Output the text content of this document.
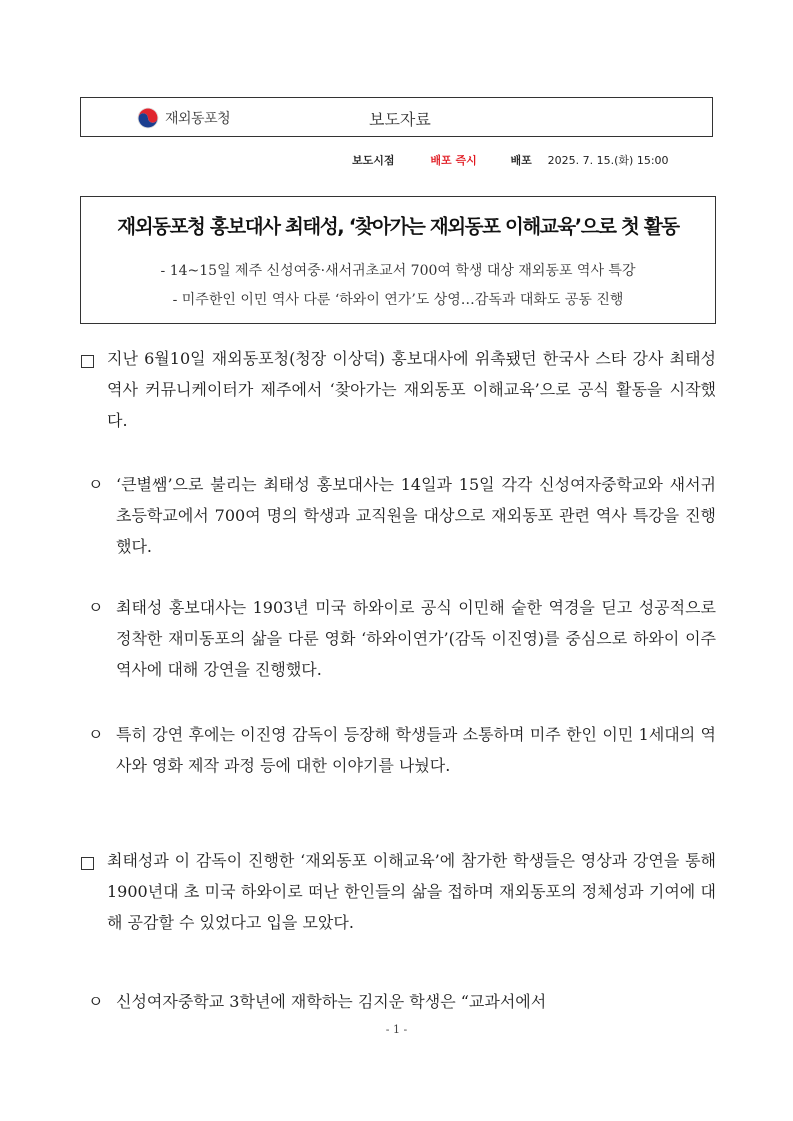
재외동포청	보도자료
보도시점	배포 즉시	배포 2025. 7. 15.(화) 15:00
재외동포청 홍보대사 최태성, ‘찾아가는 재외동포 이해교육’으로 첫 활동
- 14~15일 제주 신성여중·새서귀초교서 700여 학생 대상 재외동포 역사 특강
- 미주한인 이민 역사 다룬 ‘하와이 연가’도 상영…감독과 대화도 공동 진행
지난 6월10일 재외동포청(청장 이상덕) 홍보대사에 위촉됐던 한국사 스타 강사 최태성 역사 커뮤니케이터가 제주에서 ‘찾아가는 재외동포 이해교육’으로 공식 활동을 시작했다.
ㅇ ‘큰별쌤’으로 불리는 최태성 홍보대사는 14일과 15일 각각 신성여자중학교와 새서귀초등학교에서 700여 명의 학생과 교직원을 대상으로 재외동포 관련 역사 특강을 진행했다.
ㅇ 최태성 홍보대사는 1903년 미국 하와이로 공식 이민해 숱한 역경을 딛고 성공적으로 정착한 재미동포의 삶을 다룬 영화 ‘하와이연가’(감독 이진영)를 중심으로 하와이 이주 역사에 대해 강연을 진행했다.
ㅇ 특히 강연 후에는 이진영 감독이 등장해 학생들과 소통하며 미주 한인 이민 1세대의 역사와 영화 제작 과정 등에 대한 이야기를 나눴다.
최태성과 이 감독이 진행한 ‘재외동포 이해교육’에 참가한 학생들은 영상과 강연을 통해 1900년대 초 미국 하와이로 떠난 한인들의 삶을 접하며 재외동포의 정체성과 기여에 대해 공감할 수 있었다고 입을 모았다.
ㅇ 신성여자중학교 3학년에 재학하는 김지운 학생은 “교과서에서
- 1 -
